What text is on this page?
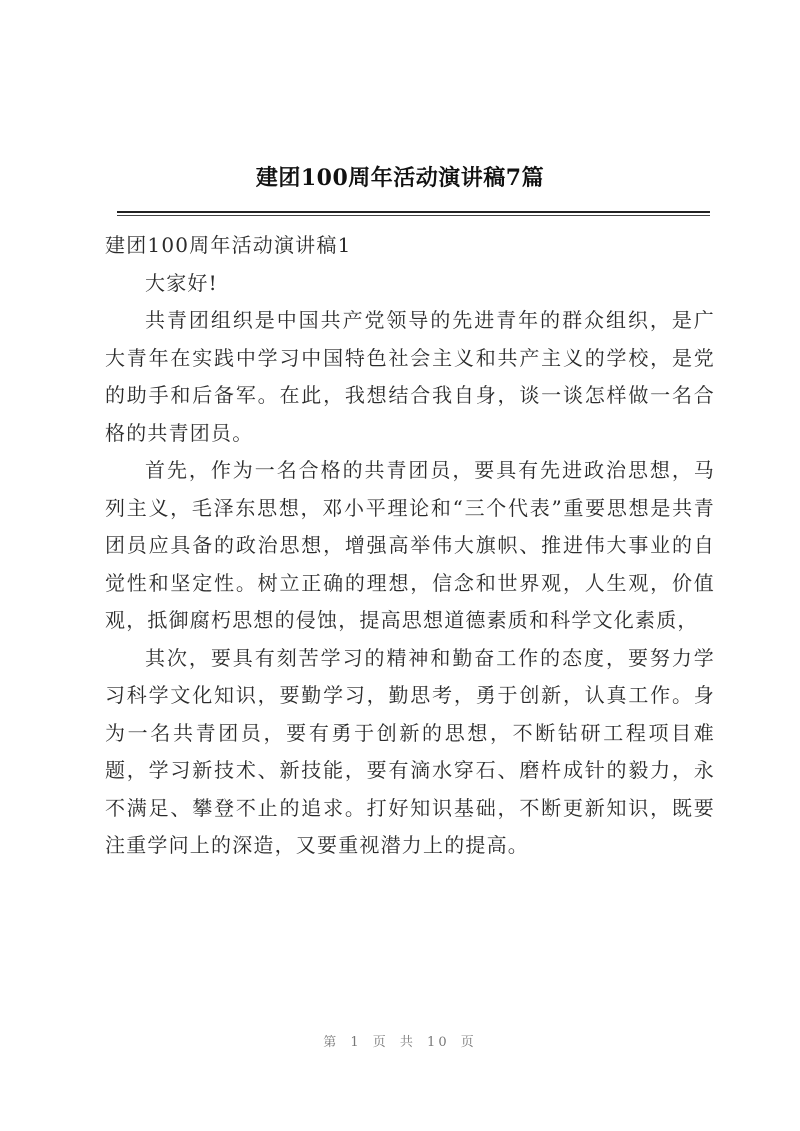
建团100周年活动演讲稿7篇

建团100周年活动演讲稿1

大家好!

共青团组织是中国共产党领导的先进青年的群众组织，是广大青年在实践中学习中国特色社会主义和共产主义的学校，是党的助手和后备军。在此，我想结合我自身，谈一谈怎样做一名合格的共青团员。

首先，作为一名合格的共青团员，要具有先进政治思想，马列主义，毛泽东思想，邓小平理论和“三个代表”重要思想是共青团员应具备的政治思想，增强高举伟大旗帜、推进伟大事业的自觉性和坚定性。树立正确的理想，信念和世界观，人生观，价值观，抵御腐朽思想的侵蚀，提高思想道德素质和科学文化素质，

其次，要具有刻苦学习的精神和勤奋工作的态度，要努力学习科学文化知识，要勤学习，勤思考，勇于创新，认真工作。身为一名共青团员，要有勇于创新的思想，不断钻研工程项目难题，学习新技术、新技能，要有滴水穿石、磨杵成针的毅力，永不满足、攀登不止的追求。打好知识基础，不断更新知识，既要注重学问上的深造，又要重视潜力上的提高。

第 1 页 共 10 页
